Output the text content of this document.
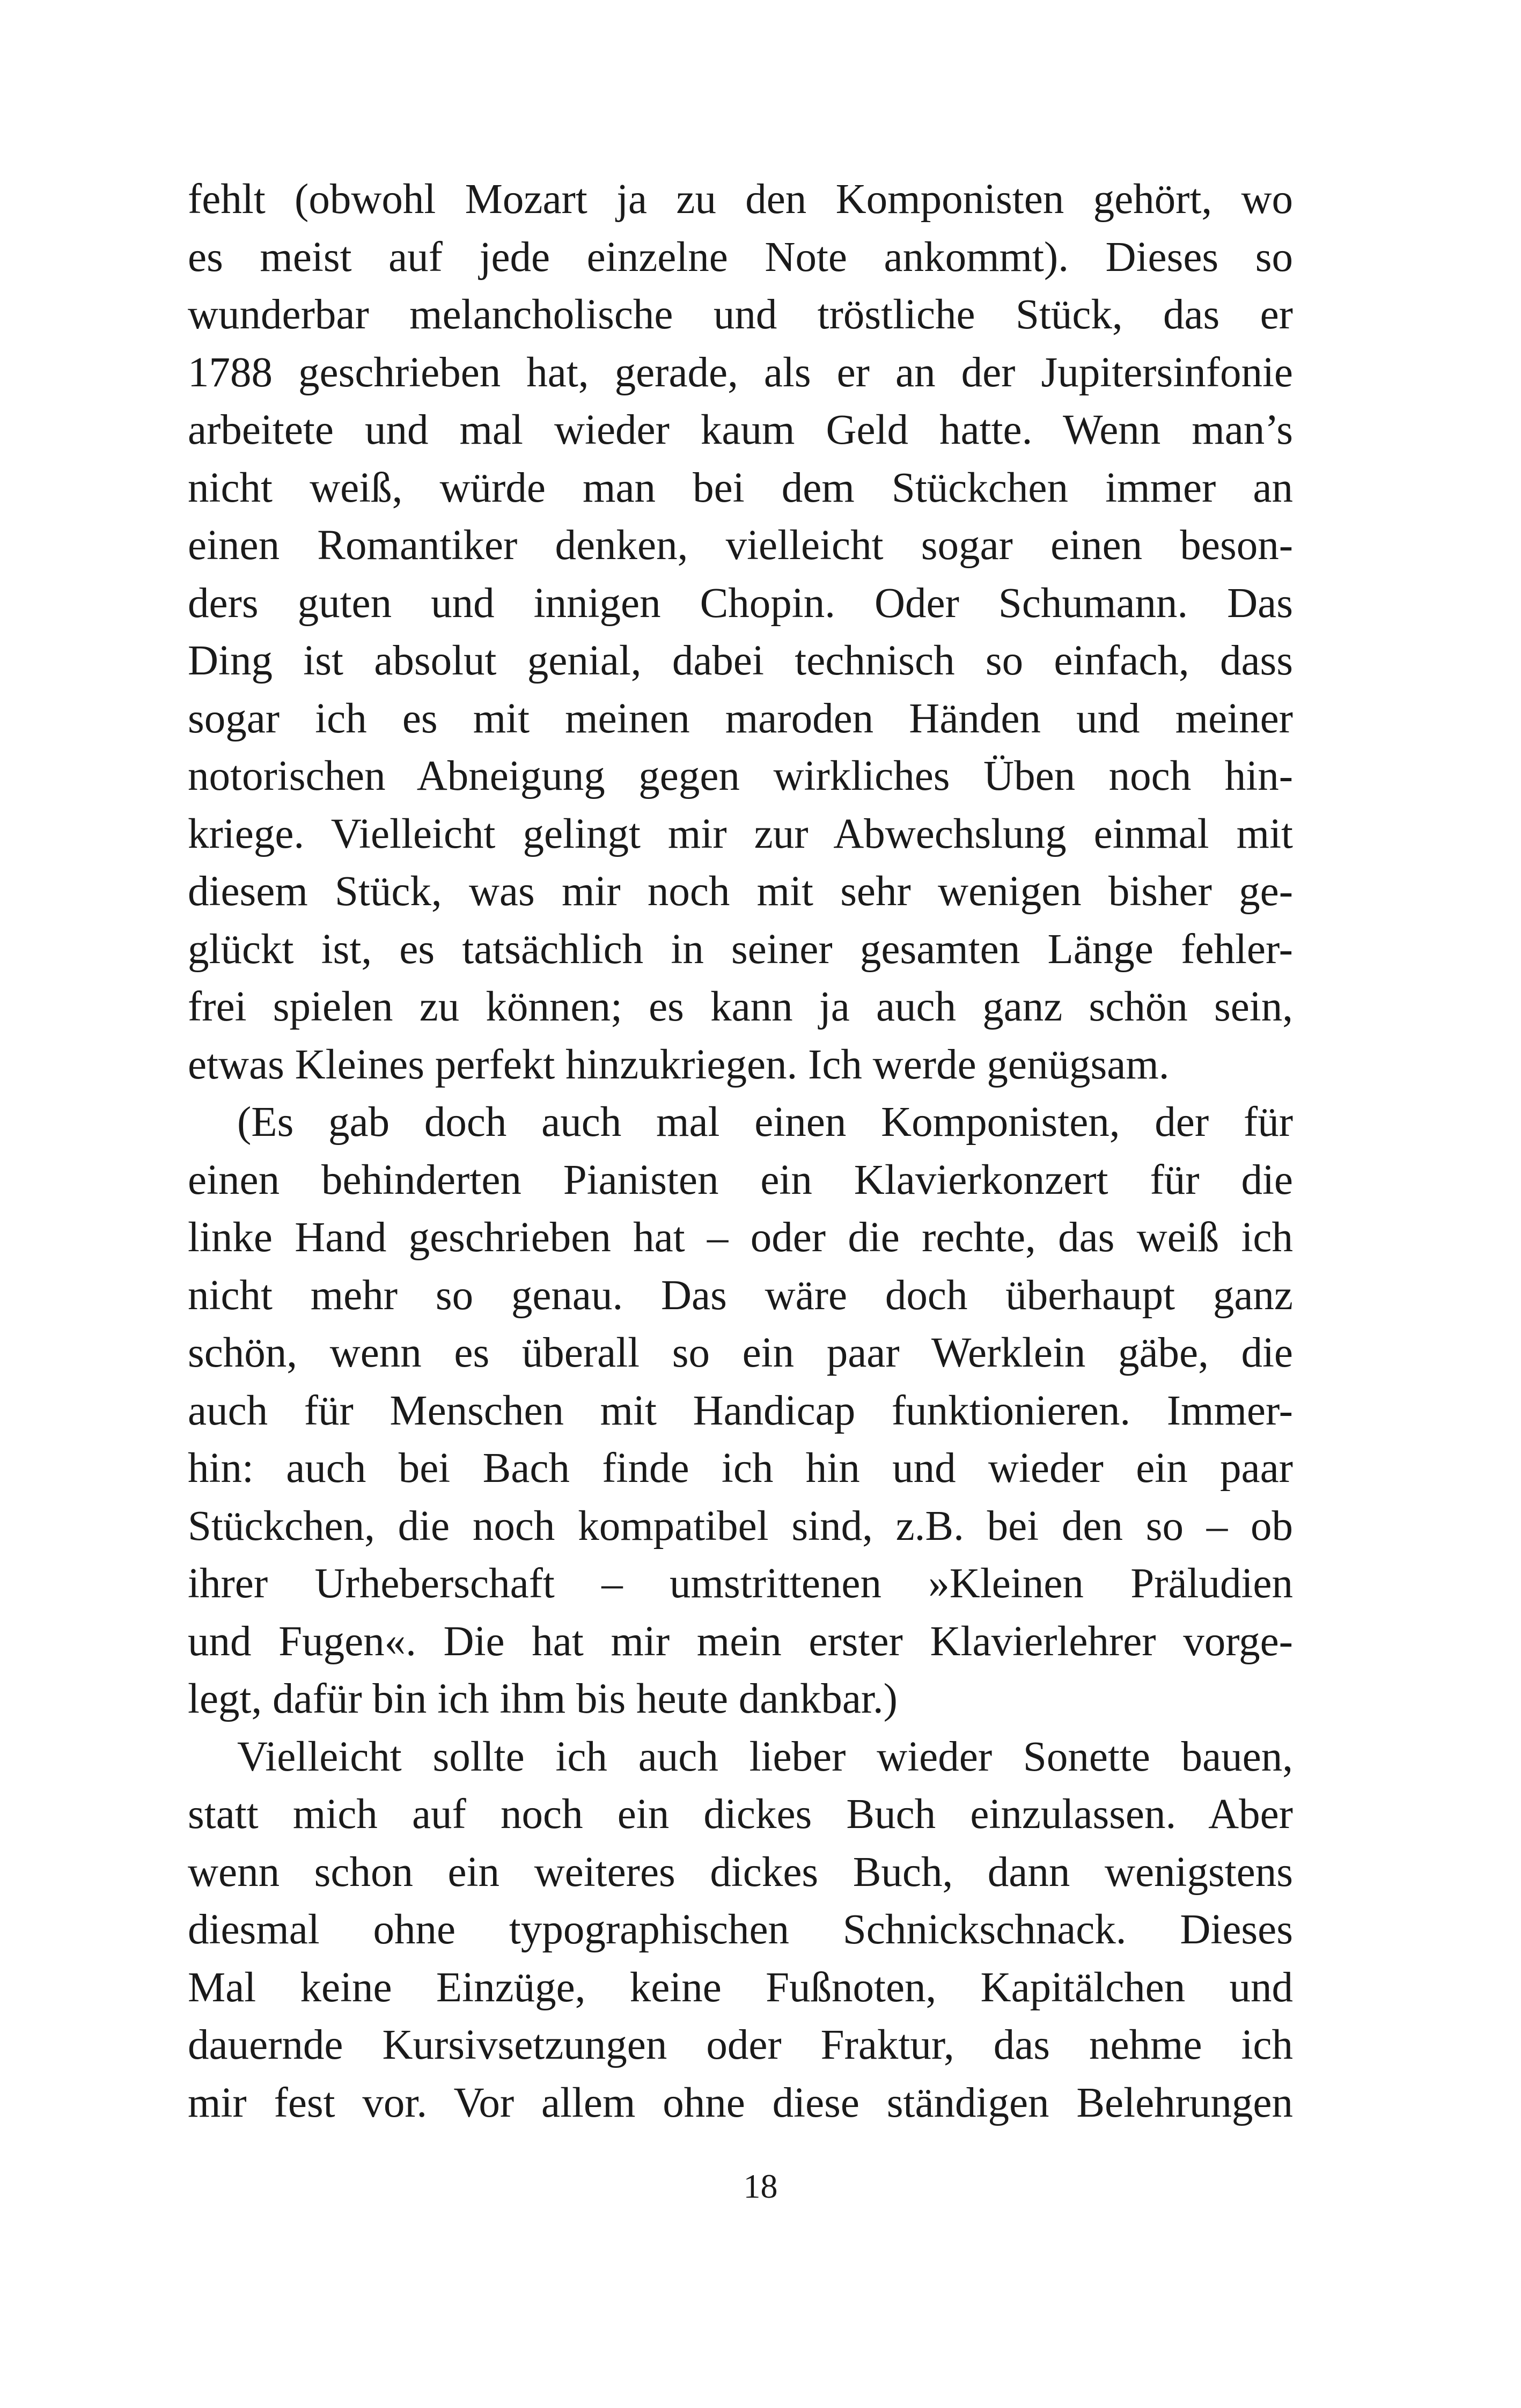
fehlt (obwohl Mozart ja zu den Komponisten gehört, wo
es meist auf jede einzelne Note ankommt). Dieses so
wunderbar melancholische und tröstliche Stück, das er
1788 geschrieben hat, gerade, als er an der Jupitersinfonie
arbeitete und mal wieder kaum Geld hatte. Wenn man’s
nicht weiß, würde man bei dem Stückchen immer an
einen Romantiker denken, vielleicht sogar einen beson-
ders guten und innigen Chopin. Oder Schumann. Das
Ding ist absolut genial, dabei technisch so einfach, dass
sogar ich es mit meinen maroden Händen und meiner
notorischen Abneigung gegen wirkliches Üben noch hin-
kriege. Vielleicht gelingt mir zur Abwechslung einmal mit
diesem Stück, was mir noch mit sehr wenigen bisher ge-
glückt ist, es tatsächlich in seiner gesamten Länge fehler-
frei spielen zu können; es kann ja auch ganz schön sein,
etwas Kleines perfekt hinzukriegen. Ich werde genügsam.
(Es gab doch auch mal einen Komponisten, der für
einen behinderten Pianisten ein Klavierkonzert für die
linke Hand geschrieben hat – oder die rechte, das weiß ich
nicht mehr so genau. Das wäre doch überhaupt ganz
schön, wenn es überall so ein paar Werklein gäbe, die
auch für Menschen mit Handicap funktionieren. Immer-
hin: auch bei Bach finde ich hin und wieder ein paar
Stückchen, die noch kompatibel sind, z.B. bei den so – ob
ihrer Urheberschaft – umstrittenen »Kleinen Präludien
und Fugen«. Die hat mir mein erster Klavierlehrer vorge-
legt, dafür bin ich ihm bis heute dankbar.)
Vielleicht sollte ich auch lieber wieder Sonette bauen,
statt mich auf noch ein dickes Buch einzulassen. Aber
wenn schon ein weiteres dickes Buch, dann wenigstens
diesmal ohne typographischen Schnickschnack. Dieses
Mal keine Einzüge, keine Fußnoten, Kapitälchen und
dauernde Kursivsetzungen oder Fraktur, das nehme ich
mir fest vor. Vor allem ohne diese ständigen Belehrungen
18
